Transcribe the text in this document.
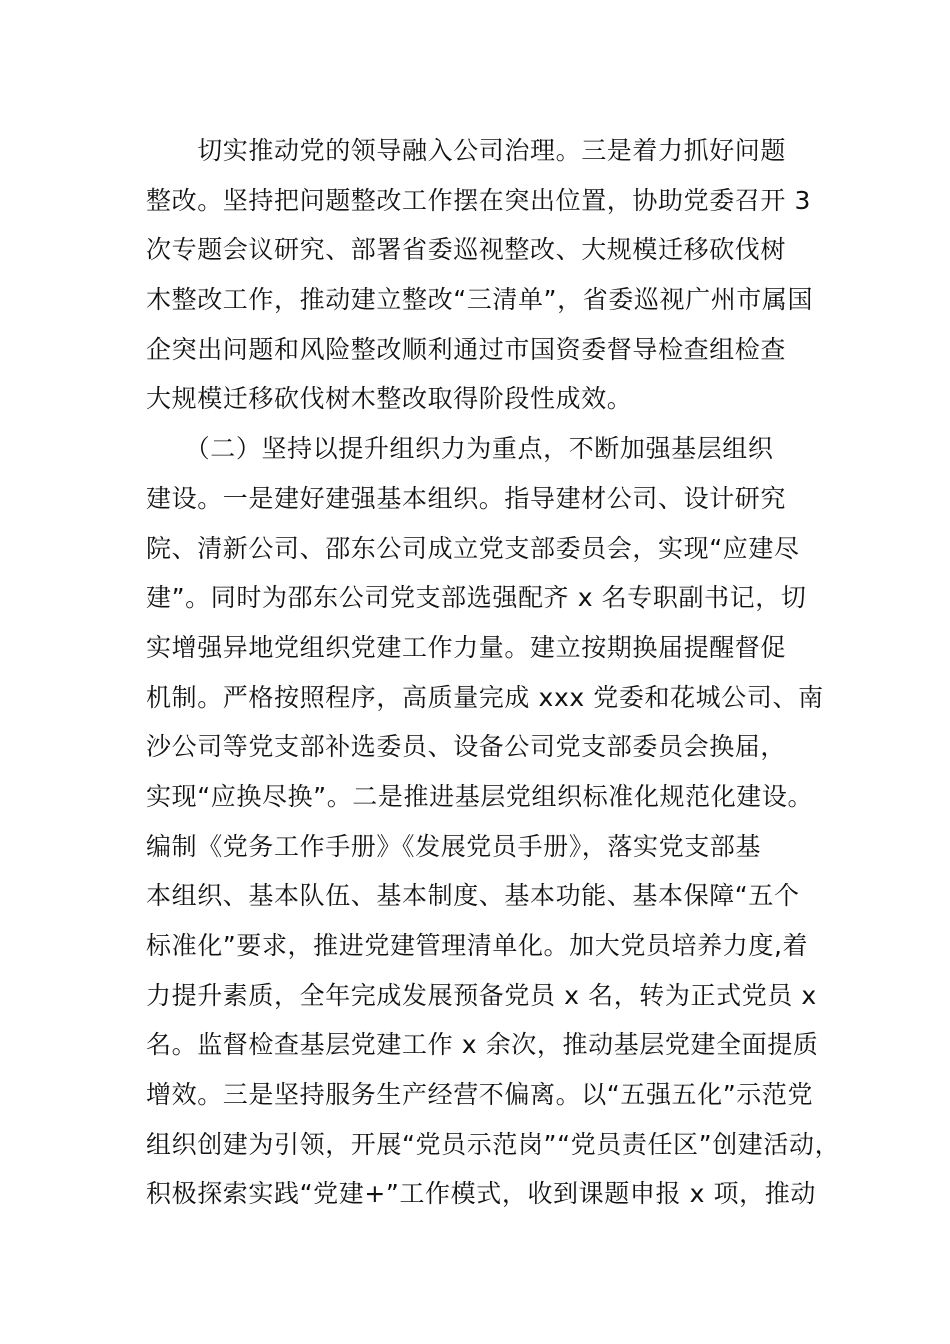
　　切实推动党的领导融入公司治理。三是着力抓好问题
整改。坚持把问题整改工作摆在突出位置，协助党委召开 3
次专题会议研究、部署省委巡视整改、大规模迁移砍伐树
木整改工作，推动建立整改“三清单”，省委巡视广州市属国
企突出问题和风险整改顺利通过市国资委督导检查组检查
大规模迁移砍伐树木整改取得阶段性成效。
　　（二）坚持以提升组织力为重点，不断加强基层组织
建设。一是建好建强基本组织。指导建材公司、设计研究
院、清新公司、邵东公司成立党支部委员会，实现“应建尽
建”。同时为邵东公司党支部选强配齐 x 名专职副书记，切
实增强异地党组织党建工作力量。建立按期换届提醒督促
机制。严格按照程序，高质量完成 xxx 党委和花城公司、南
沙公司等党支部补选委员、设备公司党支部委员会换届，
实现“应换尽换”。二是推进基层党组织标准化规范化建设。
编制《党务工作手册》《发展党员手册》，落实党支部基
本组织、基本队伍、基本制度、基本功能、基本保障“五个
标准化”要求，推进党建管理清单化。加大党员培养力度,着
力提升素质，全年完成发展预备党员 x 名，转为正式党员 x
名。监督检查基层党建工作 x 余次，推动基层党建全面提质
增效。三是坚持服务生产经营不偏离。以“五强五化”示范党
组织创建为引领，开展“党员示范岗”“党员责任区”创建活动，
积极探索实践“党建+”工作模式，收到课题申报 x 项，推动
